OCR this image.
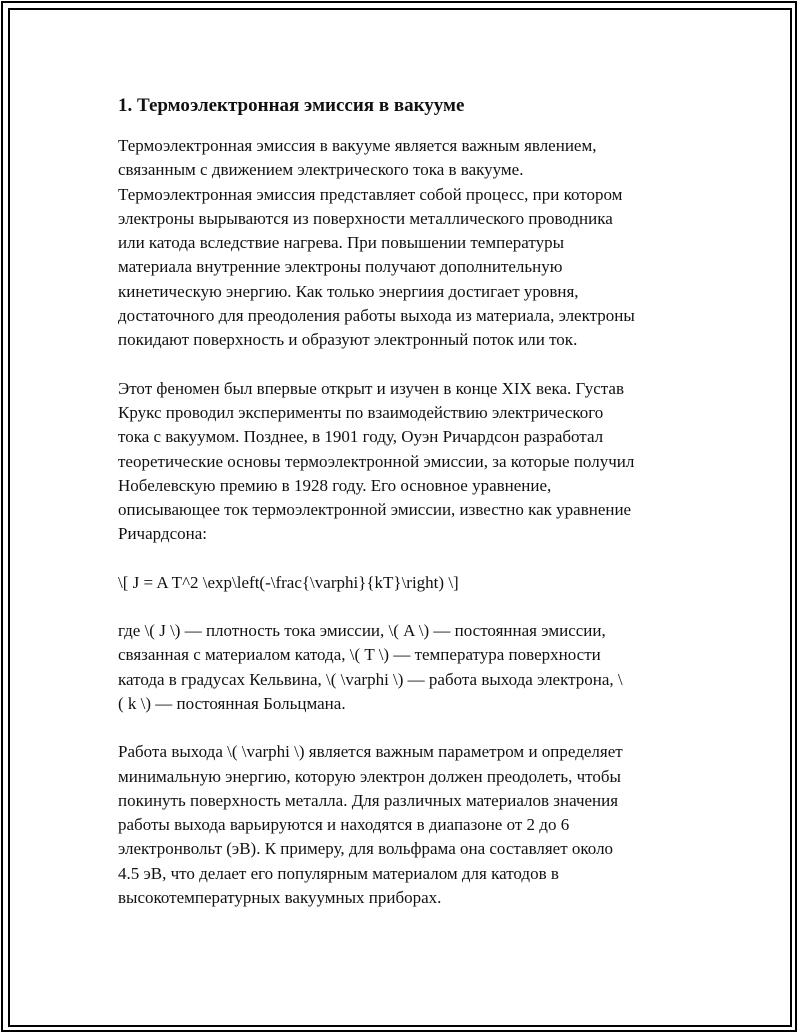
1. Термоэлектронная эмиссия в вакууме

Термоэлектронная эмиссия в вакууме является важным явлением,
связанным с движением электрического тока в вакууме.
Термоэлектронная эмиссия представляет собой процесс, при котором
электроны вырываются из поверхности металлического проводника
или катода вследствие нагрева. При повышении температуры
материала внутренние электроны получают дополнительную
кинетическую энергию. Как только энергиия достигает уровня,
достаточного для преодоления работы выхода из материала, электроны
покидают поверхность и образуют электронный поток или ток.

Этот феномен был впервые открыт и изучен в конце XIX века. Густав
Крукс проводил эксперименты по взаимодействию электрического
тока с вакуумом. Позднее, в 1901 году, Оуэн Ричардсон разработал
теоретические основы термоэлектронной эмиссии, за которые получил
Нобелевскую премию в 1928 году. Его основное уравнение,
описывающее ток термоэлектронной эмиссии, известно как уравнение
Ричардсона:

\[ J = A T^2 \exp\left(-\frac{\varphi}{kT}\right) \]

где \( J \) — плотность тока эмиссии, \( A \) — постоянная эмиссии,
связанная с материалом катода, \( T \) — температура поверхности
катода в градусах Кельвина, \( \varphi \) — работа выхода электрона, \
( k \) — постоянная Больцмана.

Работа выхода \( \varphi \) является важным параметром и определяет
минимальную энергию, которую электрон должен преодолеть, чтобы
покинуть поверхность металла. Для различных материалов значения
работы выхода варьируются и находятся в диапазоне от 2 до 6
электронвольт (эВ). К примеру, для вольфрама она составляет около
4.5 эВ, что делает его популярным материалом для катодов в
высокотемпературных вакуумных приборах.
